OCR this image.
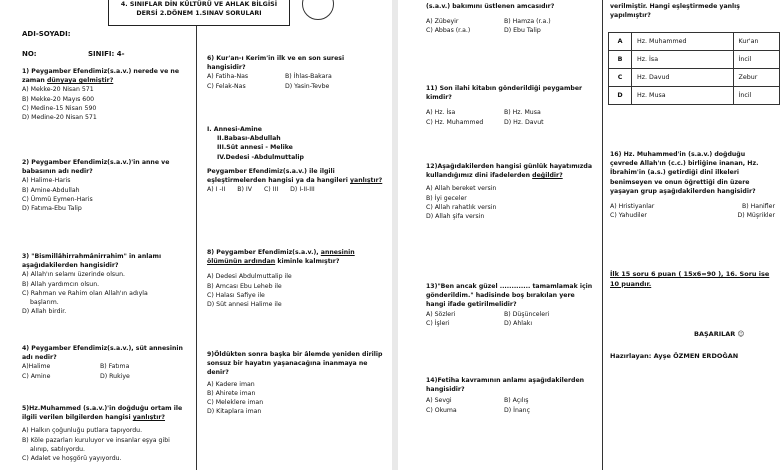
4. SINIFLAR DİN KÜLTÜRÜ VE AHLAK BİLGİSİ
DERSİ 2.DÖNEM 1.SINAV SORULARI
ADI-SOYADI:
NO:	SINIFI: 4-
1) Peygamber Efendimiz(s.a.v.) nerede ve ne zaman dünyaya gelmiştir?
A) Mekke-20 Nisan 571
B) Mekke-20 Mayıs 600
C) Medine-15 Nisan 590
D) Medine-20 Nisan 571
2) Peygamber Efendimiz(s.a.v.)'in anne ve babasının adı nedir?
A) Halime-Haris
B) Amine-Abdullah
C) Ümmü Eymen-Haris
D) Fatıma-Ebu Talip
3) "Bismillâhirrahmânirrahim" in anlamı aşağıdakilerden hangisidir?
A) Allah'ın selamı üzerinde olsun.
B) Allah yardımcın olsun.
C) Rahman ve Rahim olan Allah'ın adıyla
başlarım.
D) Allah birdir.
4) Peygamber Efendimiz(s.a.v.), süt annesinin adı nedir?
A)Halime	B) Fatıma
C) Amine	D) Rukiye
5)Hz.Muhammed (s.a.v.)'in doğduğu ortam ile ilgili verilen bilgilerden hangisi yanlıştır?
A) Halkın çoğunluğu putlara tapıyordu.
B) Köle pazarları kuruluyor ve insanlar eşya gibi
alınıp, satılıyordu.
C) Adalet ve hoşgörü yayıyordu.
6) Kur'an-ı Kerim'in ilk ve en son suresi hangisidir?
A) Fatiha-Nas	B) İhlas-Bakara
C) Felak-Nas	D) Yasin-Tevbe
I. Annesi-Amine
II.Babası-Abdullah
III.Süt annesi - Melike
IV.Dedesi -Abdulmuttalip
Peygamber Efendimiz(s.a.v.) ile ilgili eşleştirmelerden hangisi ya da hangileri yanlıştır?
A) I -II B) IV C) III D) I-II-III
8) Peygamber Efendimiz(s.a.v.), annesinin ölümünün ardından kiminle kalmıştır?
A) Dedesi Abdulmuttalip ile
B) Amcası Ebu Leheb ile
C) Halası Safiye ile
D) Süt annesi Halime ile
9)Öldükten sonra başka bir âlemde yeniden dirilip sonsuz bir hayatın yaşanacağına inanmaya ne denir?
A) Kadere iman
B) Ahirete iman
C) Meleklere iman
D) Kitaplara iman
(s.a.v.) bakımını üstlenen amcasıdır?
A) Zübeyir	B) Hamza (r.a.)
C) Abbas (r.a.)	D) Ebu Talip
11) Son ilahi kitabın gönderildiği peygamber kimdir?
A) Hz. İsa	B) Hz. Musa
C) Hz. Muhammed	D) Hz. Davut
12)Aşağıdakilerden hangisi günlük hayatımızda kullandığımız dini ifadelerden değildir?
A) Allah bereket versin
B) İyi geceler
C) Allah rahatlık versin
D) Allah şifa versin
13)"Ben ancak güzel ............. tamamlamak için gönderildim." hadisinde boş bırakılan yere hangi ifade getirilmelidir?
A) Sözleri	B) Düşünceleri
C) İşleri	D) Ahlakı
14)Fetiha kavramının anlamı aşağıdakilerden hangisidir?
A) Sevgi	B) Açılış
C) Okuma	D) İnanç
verilmiştir. Hangi eşleştirmede yanlış yapılmıştır?
A	Hz. Muhammed	Kur'an
B	Hz. İsa	İncil
C	Hz. Davud	Zebur
D	Hz. Musa	İncil
16) Hz. Muhammed'in (s.a.v.) doğduğu çevrede Allah'ın (c.c.) birliğine inanan, Hz. İbrahim'in (a.s.) getirdiği dinî ilkeleri benimseyen ve onun öğrettiği din üzere yaşayan grup aşağıdakilerden hangisidir?
A) Hristiyanlar	B) Hanifler
C) Yahudiler	D) Müşrikler
İlk 15 soru 6 puan ( 15x6=90 ), 16. Soru ise 10 puandır.
BAŞARILAR ☺
Hazırlayan: Ayşe ÖZMEN ERDOĞAN
